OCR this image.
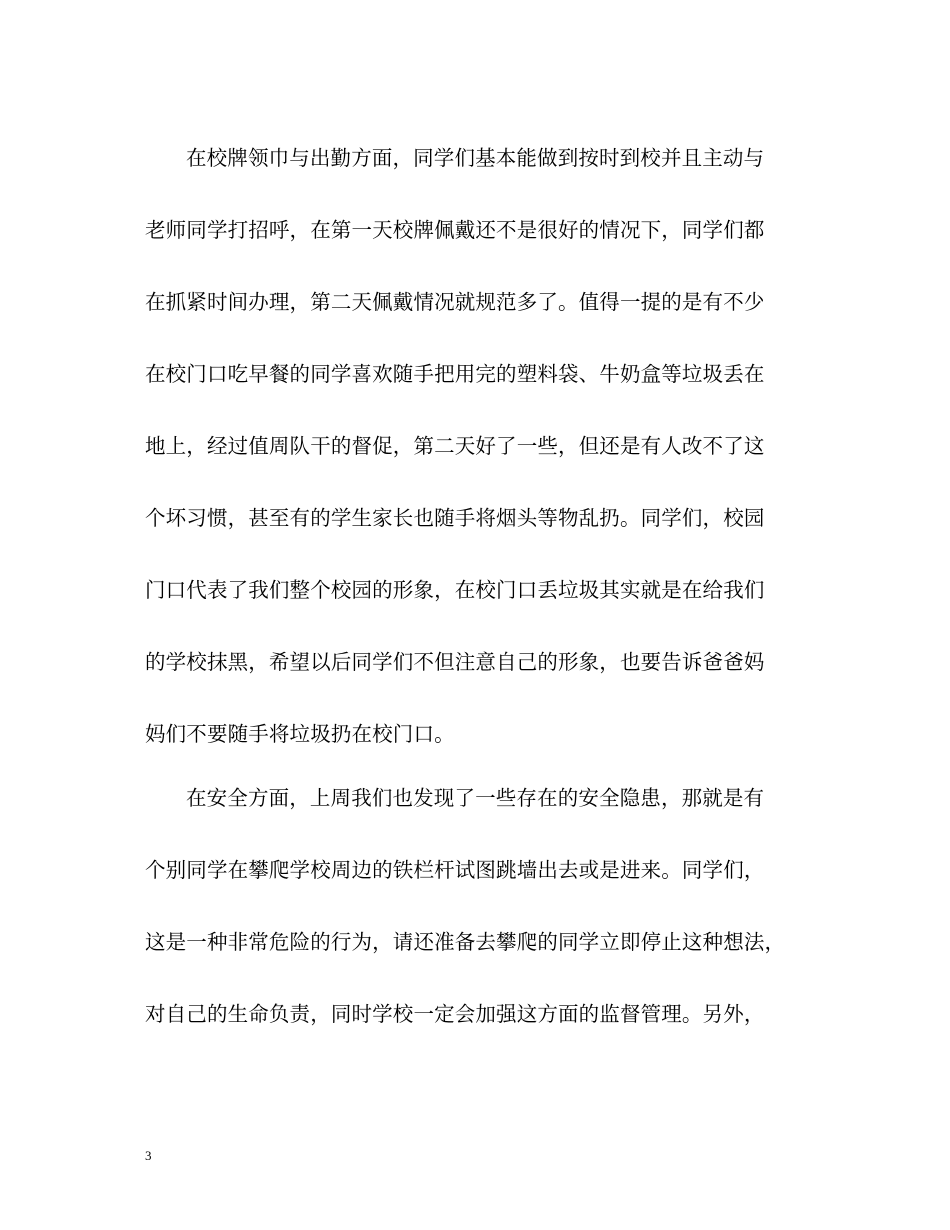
在校牌领巾与出勤方面，同学们基本能做到按时到校并且主动与
老师同学打招呼，在第一天校牌佩戴还不是很好的情况下，同学们都
在抓紧时间办理，第二天佩戴情况就规范多了。值得一提的是有不少
在校门口吃早餐的同学喜欢随手把用完的塑料袋、牛奶盒等垃圾丢在
地上，经过值周队干的督促，第二天好了一些，但还是有人改不了这
个坏习惯，甚至有的学生家长也随手将烟头等物乱扔。同学们，校园
门口代表了我们整个校园的形象，在校门口丢垃圾其实就是在给我们
的学校抹黑，希望以后同学们不但注意自己的形象，也要告诉爸爸妈
妈们不要随手将垃圾扔在校门口。
在安全方面，上周我们也发现了一些存在的安全隐患，那就是有
个别同学在攀爬学校周边的铁栏杆试图跳墙出去或是进来。同学们，
这是一种非常危险的行为，请还准备去攀爬的同学立即停止这种想法，
对自己的生命负责，同时学校一定会加强这方面的监督管理。另外，
3
